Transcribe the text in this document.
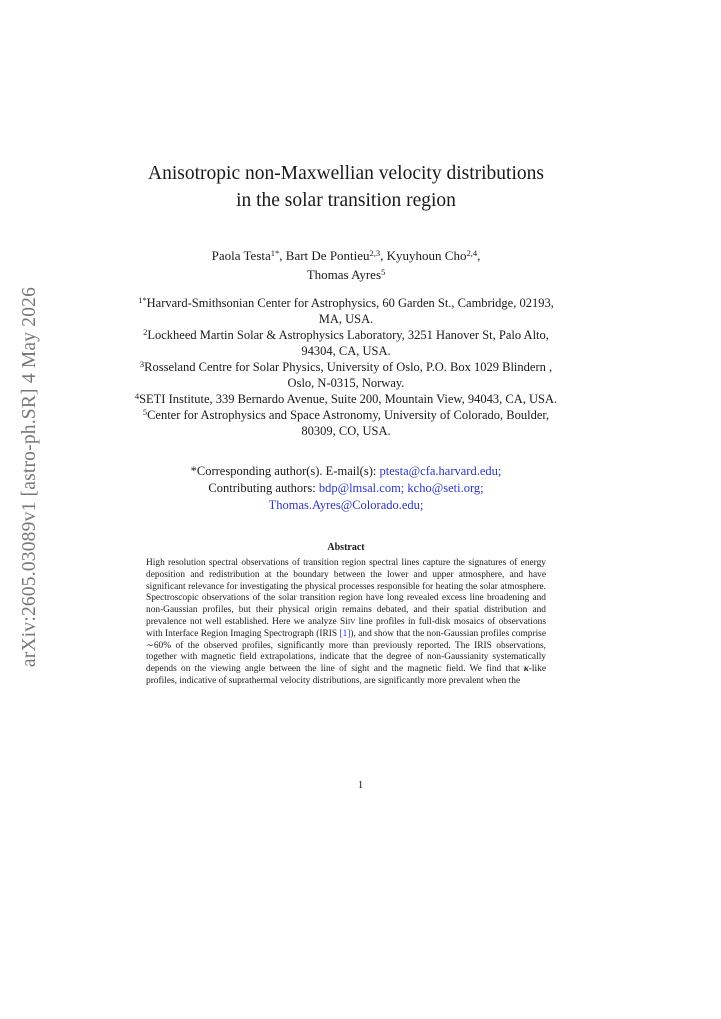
arXiv:2605.03089v1 [astro-ph.SR] 4 May 2026
Anisotropic non-Maxwellian velocity distributions
in the solar transition region
Paola Testa$^{1*}$, Bart De Pontieu$^{2,3}$, Kyuyhoun Cho$^{2,4}$,
Thomas Ayres$^5$

$^{1*}$Harvard-Smithsonian Center for Astrophysics, 60 Garden St., Cambridge, 02193, MA, USA.

$^2$Lockheed Martin Solar & Astrophysics Laboratory, 3251 Hanover St, Palo Alto, 94304, CA, USA.

$^3$Rosseland Centre for Solar Physics, University of Oslo, P.O. Box 1029 Blindern , Oslo, N-0315, Norway.

$^4$SETI Institute, 339 Bernardo Avenue, Suite 200, Mountain View, 94043, CA, USA.

$^5$Center for Astrophysics and Space Astronomy, University of Colorado, Boulder, 80309, CO, USA.

*Corresponding author(s). E-mail(s): ptesta@cfa.harvard.edu;
Contributing authors: bdp@lmsal.com; kcho@seti.org;
Thomas.Ayres@Colorado.edu;
Abstract

High resolution spectral observations of transition region spectral lines capture the signatures of energy deposition and redistribution at the boundary between the lower and upper atmosphere, and have significant relevance for investigating the physical processes responsible for heating the solar atmosphere. Spectroscopic observations of the solar transition region have long revealed excess line broadening and non-Gaussian profiles, but their physical origin remains debated, and their spatial distribution and prevalence not well established. Here we analyze Siiv line profiles in full-disk mosaics of observations with Interface Region Imaging Spectrograph (IRIS [1]), and show that the non-Gaussian profiles comprise ∼60% of the observed profiles, significantly more than previously reported. The IRIS observations, together with magnetic field extrapolations, indicate that the degree of non-Gaussianity systematically depends on the viewing angle between the line of sight and the magnetic field. We find that κ-like profiles, indicative of suprathermal velocity distributions, are significantly more prevalent when the

1
